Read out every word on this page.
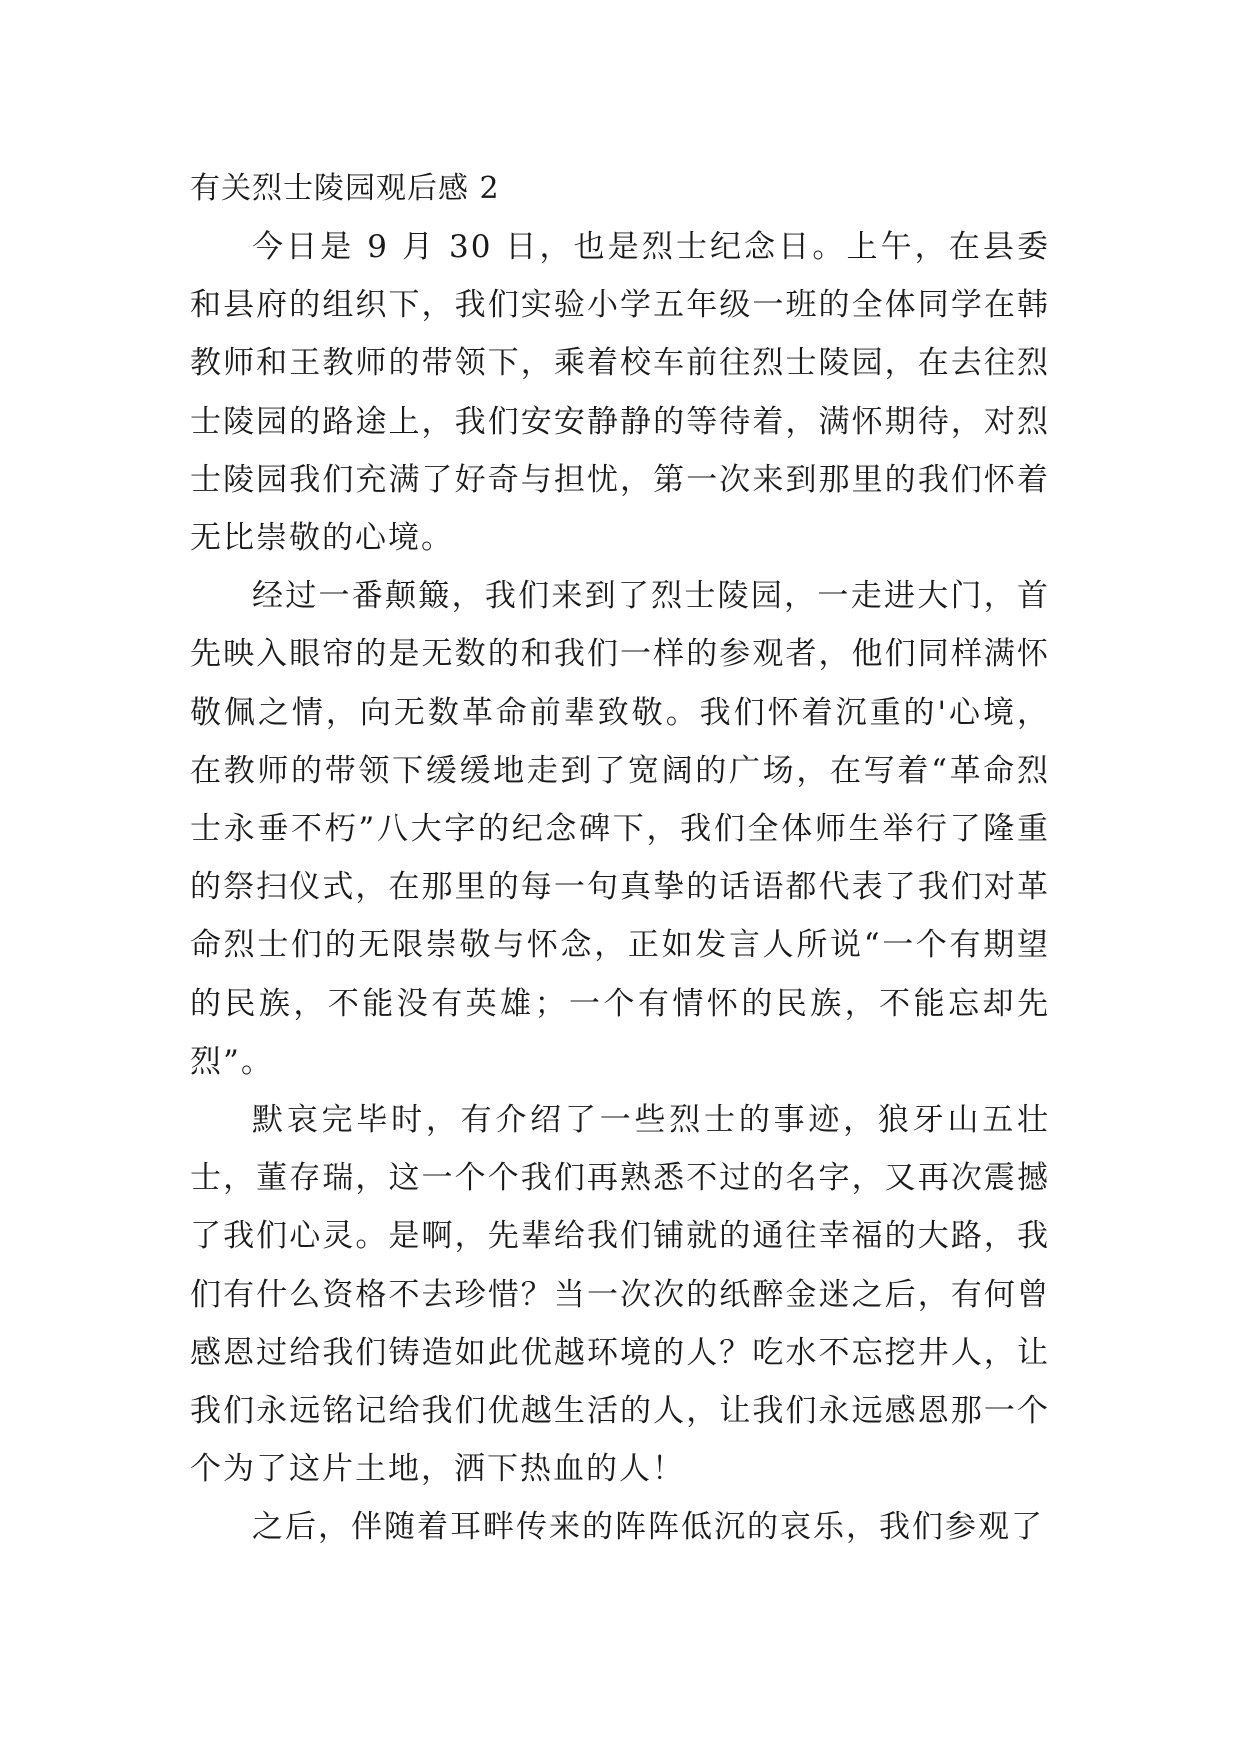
有关烈士陵园观后感 2

今日是 9 月 30 日，也是烈士纪念日。上午，在县委和县府的组织下，我们实验小学五年级一班的全体同学在韩教师和王教师的带领下，乘着校车前往烈士陵园，在去往烈士陵园的路途上，我们安安静静的等待着，满怀期待，对烈士陵园我们充满了好奇与担忧，第一次来到那里的我们怀着无比崇敬的心境。

经过一番颠簸，我们来到了烈士陵园，一走进大门，首先映入眼帘的是无数的和我们一样的参观者，他们同样满怀敬佩之情，向无数革命前辈致敬。我们怀着沉重的'心境，在教师的带领下缓缓地走到了宽阔的广场，在写着“革命烈士永垂不朽”八大字的纪念碑下，我们全体师生举行了隆重的祭扫仪式，在那里的每一句真挚的话语都代表了我们对革命烈士们的无限崇敬与怀念，正如发言人所说“一个有期望的民族，不能没有英雄；一个有情怀的民族，不能忘却先烈”。

默哀完毕时，有介绍了一些烈士的事迹，狼牙山五壮士，董存瑞，这一个个我们再熟悉不过的名字，又再次震撼了我们心灵。是啊，先辈给我们铺就的通往幸福的大路，我们有什么资格不去珍惜？当一次次的纸醉金迷之后，有何曾感恩过给我们铸造如此优越环境的人？吃水不忘挖井人，让我们永远铭记给我们优越生活的人，让我们永远感恩那一个个为了这片土地，洒下热血的人！

之后，伴随着耳畔传来的阵阵低沉的哀乐，我们参观了
